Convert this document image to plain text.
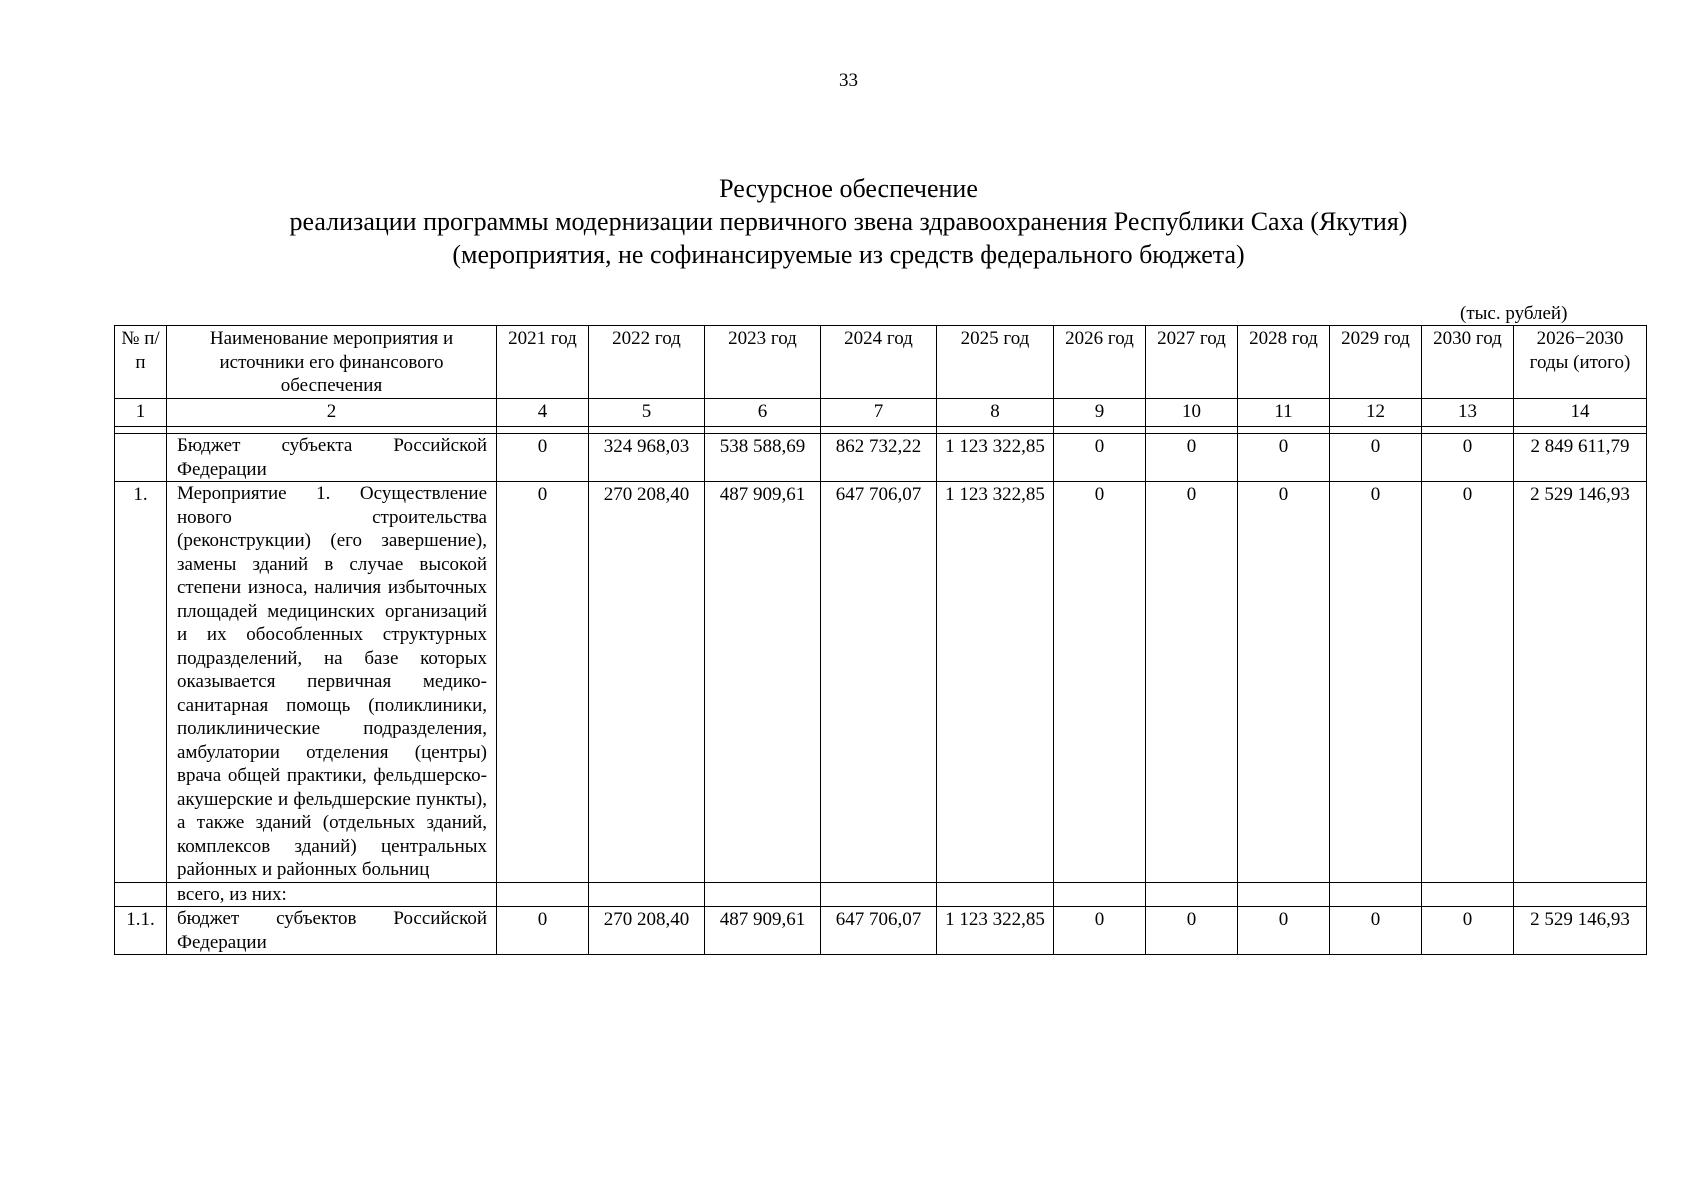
33
Ресурсное обеспечение
реализации программы модернизации первичного звена здравоохранения Республики Саха (Якутия)
(мероприятия, не софинансируемые из средств федерального бюджета)
(тыс. рублей)
№ п/п	Наименование мероприятия и источники его финансового обеспечения	2021 год	2022 год	2023 год	2024 год	2025 год	2026 год	2027 год	2028 год	2029 год	2030 год	2026−2030 годы (итого)
1	2	4	5	6	7	8	9	10	11	12	13	14

	Бюджет субъекта Российской Федерации	0	324 968,03	538 588,69	862 732,22	1 123 322,85	0	0	0	0	0	2 849 611,79
1.	Мероприятие 1. Осуществление нового строительства (реконструкции) (его завершение), замены зданий в случае высокой степени износа, наличия избыточных площадей медицинских организаций и их обособленных структурных подразделений, на базе которых оказывается первичная медико-санитарная помощь (поликлиники, поликлинические подразделения, амбулатории отделения (центры) врача общей практики, фельдшерско-акушерские и фельдшерские пункты), а также зданий (отдельных зданий, комплексов зданий) центральных районных и районных больниц	0	270 208,40	487 909,61	647 706,07	1 123 322,85	0	0	0	0	0	2 529 146,93
	всего, из них:											
1.1.	бюджет субъектов Российской Федерации	0	270 208,40	487 909,61	647 706,07	1 123 322,85	0	0	0	0	0	2 529 146,93
